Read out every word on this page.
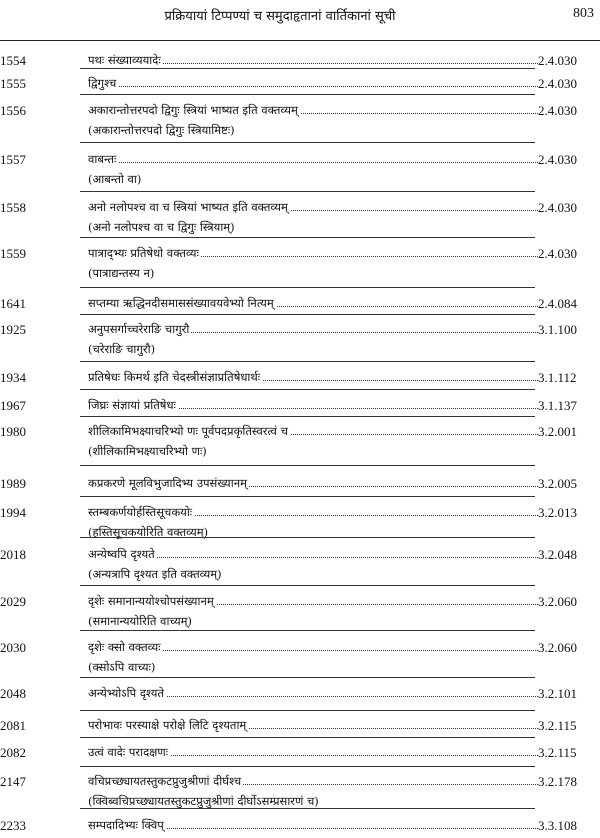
प्रक्रियायां टिप्पण्यां च समुदाहृतानां वार्तिकानां सूची	803
1554	पथः संख्याव्ययादेः	2.4.030
1555	द्विगुश्च	2.4.030
1556	अकारान्तोत्तरपदो द्विगुः स्त्रियां भाष्यत इति वक्तव्यम्	2.4.030
(अकारान्तोत्तरपदो द्विगुः स्त्रियामिष्टः)
1557	वाबन्तः	2.4.030
(आबन्तो वा)
1558	अनो नलोपश्च वा च स्त्रियां भाष्यत इति वक्तव्यम्	2.4.030
(अनो नलोपश्च वा च द्विगुः स्त्रियाम्)
1559	पात्राद्भ्यः प्रतिषेधो वक्तव्यः	2.4.030
(पात्राद्यन्तस्य न)
1641	सप्तम्या ऋद्धिनदीसमाससंख्यावयवेभ्यो नित्यम्	2.4.084
1925	अनुपसर्गाच्चरेराङि चागुरौ	3.1.100
(चरेराङि चागुरौ)
1934	प्रतिषेधः किमर्थ इति चेदस्त्रीसंज्ञाप्रतिषेधार्थः	3.1.112
1967	जिघ्रः संज्ञायां प्रतिषेधः	3.1.137
1980	शीलिकामिभक्ष्याचरिभ्यो णः पूर्वपदप्रकृतिस्वरत्वं च	3.2.001
(शीलिकामिभक्ष्याचरिभ्यो णः)
1989	कप्रकरणे मूलविभुजादिभ्य उपसंख्यानम्	3.2.005
1994	स्तम्बकर्णयोर्हस्तिसूचकयोः	3.2.013
(हस्तिसूचकयोरिति वक्तव्यम्)
2018	अन्येष्वपि दृश्यते	3.2.048
(अन्यत्रापि दृश्यत इति वक्तव्यम्)
2029	दृशेः समानान्ययोश्चोपसंख्यानम्	3.2.060
(समानान्ययोरिति वाच्यम्)
2030	दृशेः क्सो वक्तव्यः	3.2.060
(क्सोऽपि वाच्यः)
2048	अन्येभ्योऽपि दृश्यते	3.2.101
2081	परोभावः परस्याक्षे परोक्षे लिटि दृश्यताम्	3.2.115
2082	उत्वं वादेः परादक्षणः	3.2.115
2147	वचिप्रच्छ्यायतस्तुकटप्रुजुश्रीणां दीर्घश्च	3.2.178
(क्विब्वचिप्रच्छ्यायतस्तुकटप्रुजुश्रीणां दीर्घोऽसम्प्रसारणं च)
2233	सम्पदादिभ्यः क्विप्	3.3.108
